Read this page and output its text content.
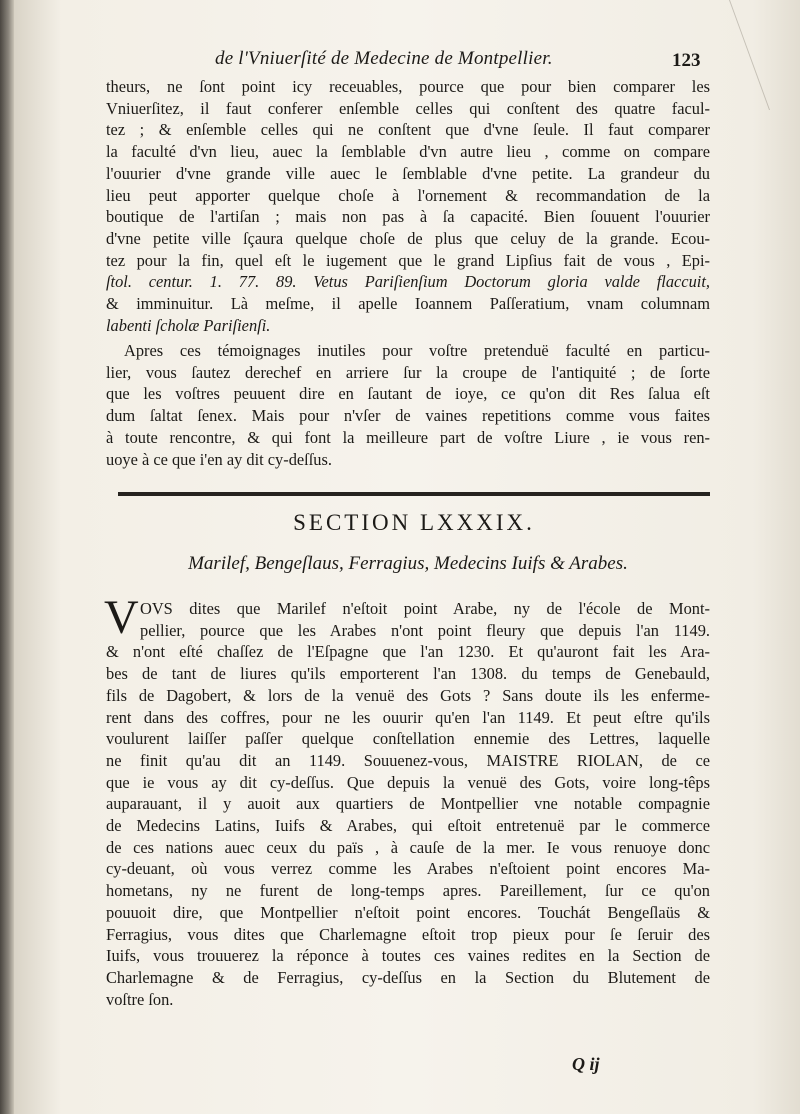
de l'Vniuerſité de Medecine de Montpellier.	123
theurs, ne ſont point icy receuables, pource que pour bien comparer les
Vniuerſitez, il faut conferer enſemble celles qui conſtent des quatre facul-
tez ; & enſemble celles qui ne conſtent que d'vne ſeule. Il faut comparer
la faculté d'vn lieu, auec la ſemblable d'vn autre lieu , comme on compare
l'ouurier d'vne grande ville auec le ſemblable d'vne petite. La grandeur du
lieu peut apporter quelque choſe à l'ornement & recommandation de la
boutique de l'artiſan ; mais non pas à ſa capacité. Bien ſouuent l'ouurier
d'vne petite ville ſçaura quelque choſe de plus que celuy de la grande. Ecou-
tez pour la fin, quel eſt le iugement que le grand Lipſius fait de vous , Epi-
ſtol. centur. 1. 77. 89. Vetus Pariſienſium Doctorum gloria valde flaccuit,
& imminuitur. Là meſme, il apelle Ioannem Paſſeratium, vnam columnam
labenti ſcholæ Pariſienſi.
Apres ces témoignages inutiles pour voſtre pretenduë faculté en particu-
lier, vous ſautez derechef en arriere ſur la croupe de l'antiquité ; de ſorte
que les voſtres peuuent dire en ſautant de ioye, ce qu'on dit Res ſalua eſt
dum ſaltat ſenex. Mais pour n'vſer de vaines repetitions comme vous faites
à toute rencontre, & qui font la meilleure part de voſtre Liure , ie vous ren-
uoye à ce que i'en ay dit cy-deſſus.
SECTION LXXXIX.
Marilef, Bengeſlaus, Ferragius, Medecins Iuifs & Arabes.
V OVS dites que Marilef n'eſtoit point Arabe, ny de l'école de Mont-
pellier, pource que les Arabes n'ont point fleury que depuis l'an 1149.
& n'ont eſté chaſſez de l'Eſpagne que l'an 1230. Et qu'auront fait les Ara-
bes de tant de liures qu'ils emporterent l'an 1308. du temps de Genebauld,
fils de Dagobert, & lors de la venuë des Gots ? Sans doute ils les enferme-
rent dans des coffres, pour ne les ouurir qu'en l'an 1149. Et peut eſtre qu'ils
voulurent laiſſer paſſer quelque conſtellation ennemie des Lettres, laquelle
ne finit qu'au dit an 1149. Souuenez-vous, MAISTRE RIOLAN, de ce
que ie vous ay dit cy-deſſus. Que depuis la venuë des Gots, voire long-têps
auparauant, il y auoit aux quartiers de Montpellier vne notable compagnie
de Medecins Latins, Iuifs & Arabes, qui eſtoit entretenuë par le commerce
de ces nations auec ceux du païs , à cauſe de la mer. Ie vous renuoye donc
cy-deuant, où vous verrez comme les Arabes n'eſtoient point encores Ma-
hometans, ny ne furent de long-temps apres. Pareillement, ſur ce qu'on
pouuoit dire, que Montpellier n'eſtoit point encores. Touchát Bengeſlaüs &
Ferragius, vous dites que Charlemagne eſtoit trop pieux pour ſe ſeruir des
Iuifs, vous trouuerez la réponce à toutes ces vaines redites en la Section de
Charlemagne & de Ferragius, cy-deſſus en la Section du Blutement de
voſtre ſon.
Q ij
